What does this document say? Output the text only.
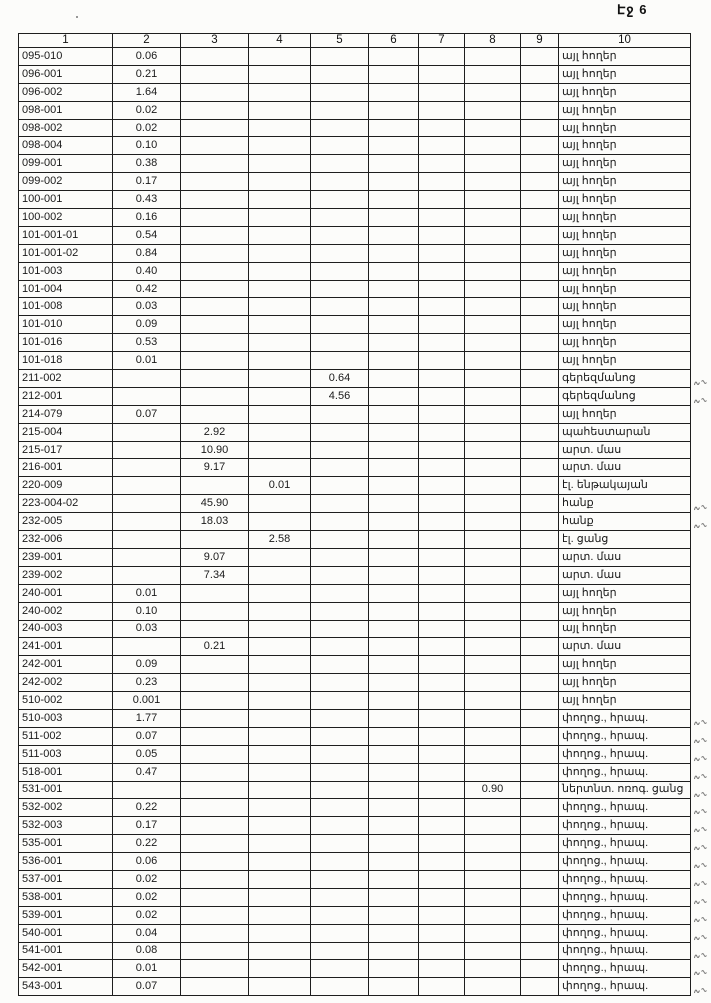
Էջ 6
1	2	3	4	5	6	7	8	9	10
095-010	0.06								այլ հողեր
096-001	0.21								այլ հողեր
096-002	1.64								այլ հողեր
098-001	0.02								այլ հողեր
098-002	0.02								այլ հողեր
098-004	0.10								այլ հողեր
099-001	0.38								այլ հողեր
099-002	0.17								այլ հողեր
100-001	0.43								այլ հողեր
100-002	0.16								այլ հողեր
101-001-01	0.54								այլ հողեր
101-001-02	0.84								այլ հողեր
101-003	0.40								այլ հողեր
101-004	0.42								այլ հողեր
101-008	0.03								այլ հողեր
101-010	0.09								այլ հողեր
101-016	0.53								այլ հողեր
101-018	0.01								այլ հողեր
211-002				0.64					գերեզմանոց
212-001				4.56					գերեզմանոց
214-079	0.07								այլ հողեր
215-004		2.92							պահեստարան
215-017		10.90							արտ. մաս
216-001		9.17							արտ. մաս
220-009			0.01						էլ. ենթակայան
223-004-02		45.90							հանք
232-005		18.03							հանք
232-006			2.58						էլ. ցանց
239-001		9.07							արտ. մաս
239-002		7.34							արտ. մաս
240-001	0.01								այլ հողեր
240-002	0.10								այլ հողեր
240-003	0.03								այլ հողեր
241-001		0.21							արտ. մաս
242-001	0.09								այլ հողեր
242-002	0.23								այլ հողեր
510-002	0.001								այլ հողեր
510-003	1.77								փողոց., հրապ.
511-002	0.07								փողոց., հրապ.
511-003	0.05								փողոց., հրապ.
518-001	0.47								փողոց., հրապ.
531-001							0.90		ներտնտ. ոռոգ. ցանց
532-002	0.22								փողոց., հրապ.
532-003	0.17								փողոց., հրապ.
535-001	0.22								փողոց., հրապ.
536-001	0.06								փողոց., հրապ.
537-001	0.02								փողոց., հրապ.
538-001	0.02								փողոց., հրապ.
539-001	0.02								փողոց., հրապ.
540-001	0.04								փողոց., հրապ.
541-001	0.08								փողոց., հրապ.
542-001	0.01								փողոց., հրապ.
543-001	0.07								փողոց., հրապ.
